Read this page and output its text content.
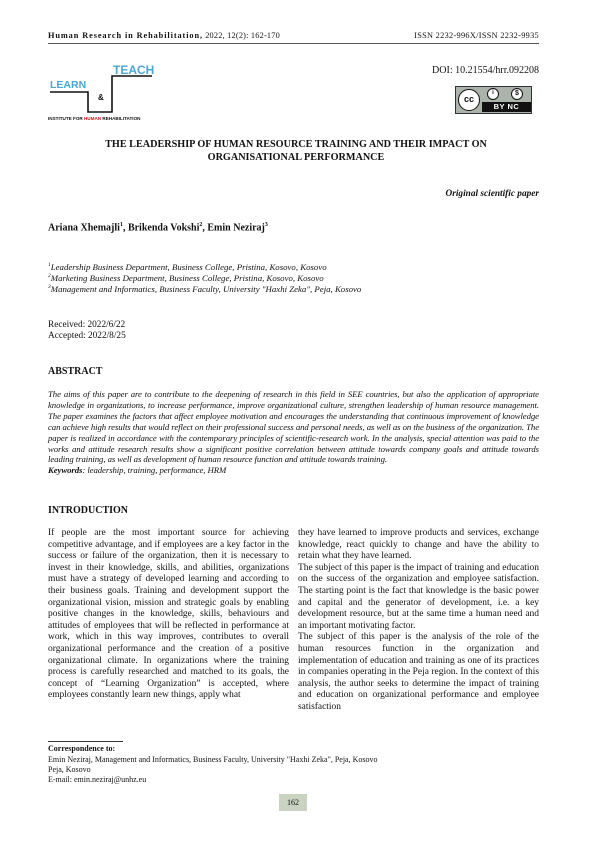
Human Research in Rehabilitation, 2022, 12(2): 162-170	ISSN 2232-996X/ISSN 2232-9935
TEACH
LEARN
&
INSTITUTE FOR HUMAN REHABILITATION
DOI: 10.21554/hrr.092208
cc
i	$
BY NC
THE LEADERSHIP OF HUMAN RESOURCE TRAINING AND THEIR IMPACT ON ORGANISATIONAL PERFORMANCE
Original scientific paper
Ariana Xhemajli$^1$, Brikenda Vokshi$^2$, Emin Neziraj$^3$
$^1$Leadership Business Department, Business College, Pristina, Kosovo, Kosovo
$^2$Marketing Business Department, Business College, Pristina, Kosovo, Kosovo
$^3$Management and Informatics, Business Faculty, University "Haxhi Zeka", Peja, Kosovo
Received: 2022/6/22
Accepted: 2022/8/25
ABSTRACT
The aims of this paper are to contribute to the deepening of research in this field in SEE countries, but also the application of appropriate knowledge in organizations, to increase performance, improve organizational culture, strengthen leadership of human resource management. The paper examines the factors that affect employee motivation and encourages the understanding that continuous improvement of knowledge can achieve high results that would reflect on their professional success and personal needs, as well as on the business of the organization. The paper is realized in accordance with the contemporary principles of scientific-research work. In the analysis, special attention was paid to the works and attitude research results show a significant positive correlation between attitude towards company goals and attitude towards leading training, as well as development of human resource function and attitude towards training.
Keywords: leadership, training, performance, HRM
INTRODUCTION

If people are the most important source for achieving competitive advantage, and if employees are a key factor in the success or failure of the organization, then it is necessary to invest in their knowledge, skills, and abilities, organizations must have a strategy of developed learning and according to their business goals. Training and development support the organizational vision, mission and strategic goals by enabling positive changes in the knowledge, skills, behaviours and attitudes of employees that will be reflected in performance at work, which in this way improves, contributes to overall organizational performance and the creation of a positive organizational climate. In organizations where the training process is carefully researched and matched to its goals, the concept of “Learning Organization” is accepted, where employees constantly learn new things, apply what

they have learned to improve products and services, exchange knowledge, react quickly to change and have the ability to retain what they have learned.

The subject of this paper is the impact of training and education on the success of the organization and employee satisfaction. The starting point is the fact that knowledge is the basic power and capital and the generator of development, i.e. a key development resource, but at the same time a human need and an important motivating factor.

The subject of this paper is the analysis of the role of the human resources function in the organization and implementation of education and training as one of its practices in companies operating in the Peja region. In the context of this analysis, the author seeks to determine the impact of training and education on organizational performance and employee satisfaction

Correspondence to:
Emin Neziraj, Management and Informatics, Business Faculty, University "Haxhi Zeka", Peja, Kosovo
Peja, Kosovo
E-mail: emin.neziraj@unhz.eu
162
